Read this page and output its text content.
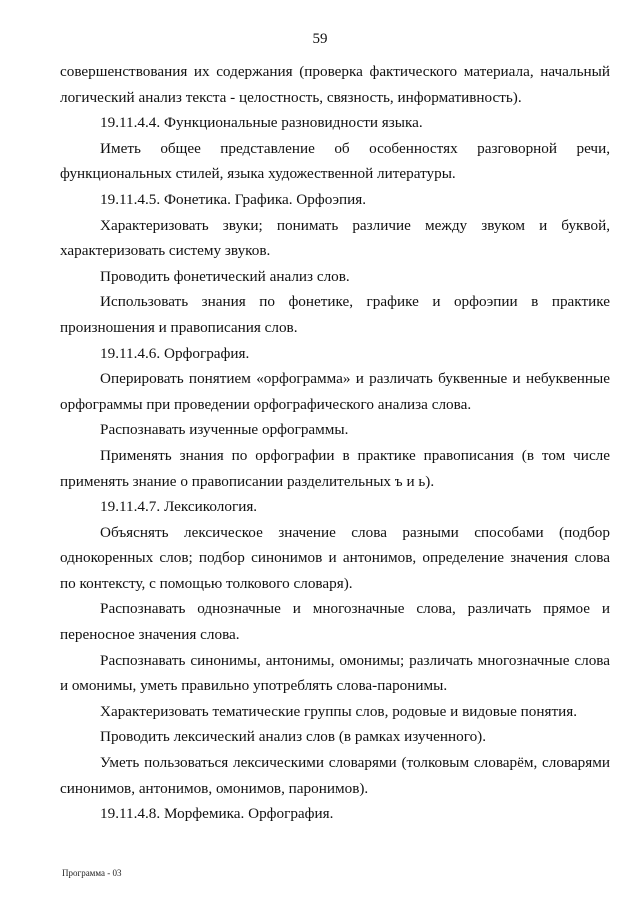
59

совершенствования их содержания (проверка фактического материала, начальный логический анализ текста - целостность, связность, информативность).

19.11.4.4. Функциональные разновидности языка.

Иметь общее представление об особенностях разговорной речи, функциональных стилей, языка художественной литературы.

19.11.4.5. Фонетика. Графика. Орфоэпия.

Характеризовать звуки; понимать различие между звуком и буквой, характеризовать систему звуков.

Проводить фонетический анализ слов.

Использовать знания по фонетике, графике и орфоэпии в практике произношения и правописания слов.

19.11.4.6. Орфография.

Оперировать понятием «орфограмма» и различать буквенные и небуквенные орфограммы при проведении орфографического анализа слова.

Распознавать изученные орфограммы.

Применять знания по орфографии в практике правописания (в том числе применять знание о правописании разделительных ъ и ь).

19.11.4.7. Лексикология.

Объяснять лексическое значение слова разными способами (подбор однокоренных слов; подбор синонимов и антонимов, определение значения слова по контексту, с помощью толкового словаря).

Распознавать однозначные и многозначные слова, различать прямое и переносное значения слова.

Распознавать синонимы, антонимы, омонимы; различать многозначные слова и омонимы, уметь правильно употреблять слова-паронимы.

Характеризовать тематические группы слов, родовые и видовые понятия.

Проводить лексический анализ слов (в рамках изученного).

Уметь пользоваться лексическими словарями (толковым словарём, словарями синонимов, антонимов, омонимов, паронимов).

19.11.4.8. Морфемика. Орфография.

Программа - 03
